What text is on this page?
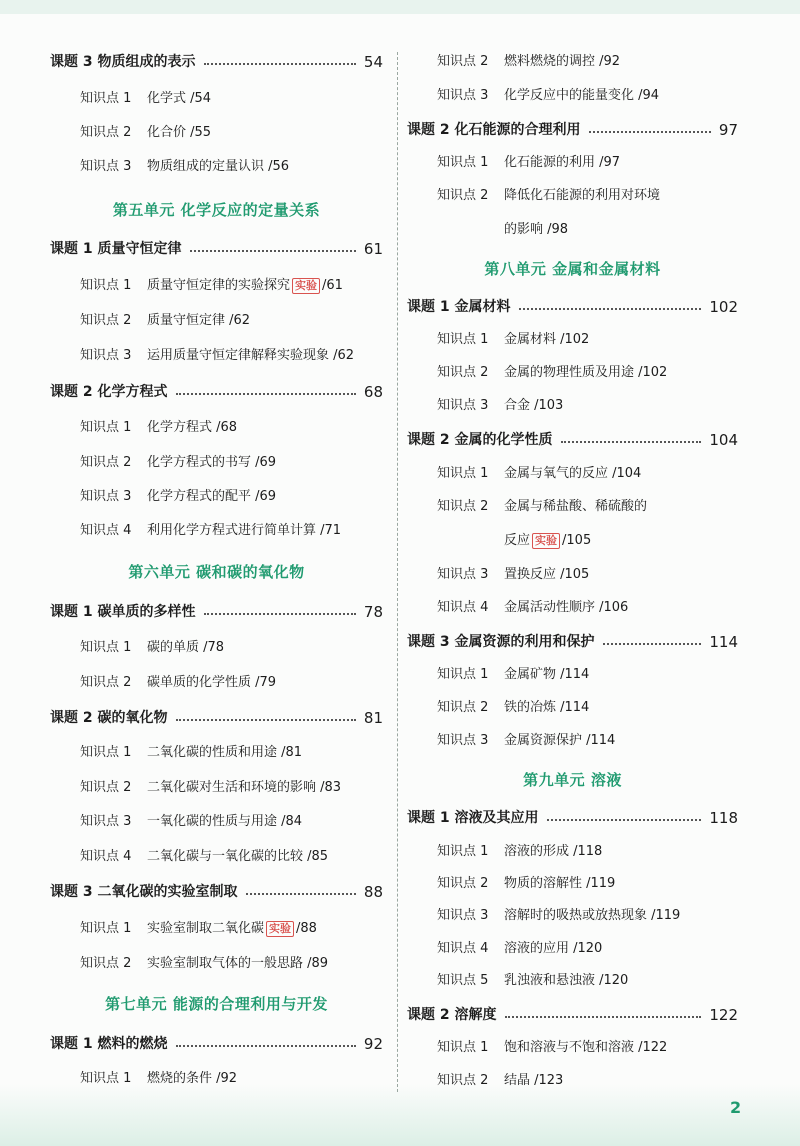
课题 3 物质组成的表示	54
知识点 1	化学式 /54
知识点 2	化合价 /55
知识点 3	物质组成的定量认识 /56
第五单元 化学反应的定量关系
课题 1 质量守恒定律	61
知识点 1	质量守恒定律的实验探究 实验 /61
知识点 2	质量守恒定律 /62
知识点 3	运用质量守恒定律解释实验现象 /62
课题 2 化学方程式	68
知识点 1	化学方程式 /68
知识点 2	化学方程式的书写 /69
知识点 3	化学方程式的配平 /69
知识点 4	利用化学方程式进行简单计算 /71
第六单元 碳和碳的氧化物
课题 1 碳单质的多样性	78
知识点 1	碳的单质 /78
知识点 2	碳单质的化学性质 /79
课题 2 碳的氧化物	81
知识点 1	二氧化碳的性质和用途 /81
知识点 2	二氧化碳对生活和环境的影响 /83
知识点 3	一氧化碳的性质与用途 /84
知识点 4	二氧化碳与一氧化碳的比较 /85
课题 3 二氧化碳的实验室制取	88
知识点 1	实验室制取二氧化碳 实验 /88
知识点 2	实验室制取气体的一般思路 /89
第七单元 能源的合理利用与开发
课题 1 燃料的燃烧	92
知识点 1	燃烧的条件 /92
知识点 2	燃料燃烧的调控 /92
知识点 3	化学反应中的能量变化 /94
课题 2 化石能源的合理利用	97
知识点 1	化石能源的利用 /97
知识点 2	降低化石能源的利用对环境
的影响 /98
第八单元 金属和金属材料
课题 1 金属材料	102
知识点 1	金属材料 /102
知识点 2	金属的物理性质及用途 /102
知识点 3	合金 /103
课题 2 金属的化学性质	104
知识点 1	金属与氧气的反应 /104
知识点 2	金属与稀盐酸、稀硫酸的
反应 实验 /105
知识点 3	置换反应 /105
知识点 4	金属活动性顺序 /106
课题 3 金属资源的利用和保护	114
知识点 1	金属矿物 /114
知识点 2	铁的冶炼 /114
知识点 3	金属资源保护 /114
第九单元 溶液
课题 1 溶液及其应用	118
知识点 1	溶液的形成 /118
知识点 2	物质的溶解性 /119
知识点 3	溶解时的吸热或放热现象 /119
知识点 4	溶液的应用 /120
知识点 5	乳浊液和悬浊液 /120
课题 2 溶解度	122
知识点 1	饱和溶液与不饱和溶液 /122
知识点 2	结晶 /123
2
